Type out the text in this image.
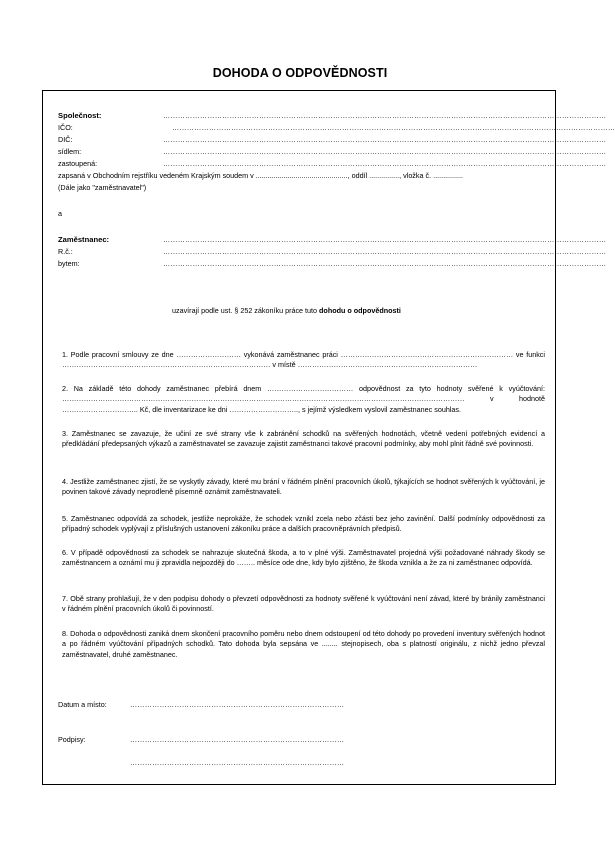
DOHODA O ODPOVĚDNOSTI
Společnost:	………………………………………………………………………………………………………………………………………………………………
IČO:	………………………………………………………………………………………………………………………………………………………………
DIČ:	………………………………………………………………………………………………………………………………………………………………
sídlem:	………………………………………………………………………………………………………………………………………………………………
zastoupená:	………………………………………………………………………………………………………………………………………………………………
zapsaná v Obchodním rejstříku vedeném Krajským soudem v .............................................., oddíl ..............., vložka č. ...............
(Dále jako "zaměstnavatel")
a
Zaměstnanec:	………………………………………………………………………………………………………………………………………………………………
R.č.:	………………………………………………………………………………………………………………………………………………………………
bytem:	………………………………………………………………………………………………………………………………………………………………
uzavírají podle ust. § 252 zákoníku práce tuto dohodu o odpovědnosti
1. Podle pracovní smlouvy ze dne ……………………… vykonává zaměstnanec práci ……………………………………………………………… ve funkci …………………………………………………………………………… v místě …………………………………………………………………
2. Na základě této dohody zaměstnanec přebírá dnem ……………………………… odpovědnost za tyto hodnoty svěřené k vyúčtování: …………………………………………………………………………………………………………………………………………………… v hodnotě ………………………….. Kč, dle inventarizace ke dni ……………………….., s jejímž výsledkem vyslovil zaměstnanec souhlas.
3. Zaměstnanec se zavazuje, že učiní ze své strany vše k zabránění schodků na svěřených hodnotách, včetně vedení potřebných evidencí a předkládání předepsaných výkazů a zaměstnavatel se zavazuje zajistit zaměstnanci takové pracovní podmínky, aby mohl plnit řádně své povinnosti.
4. Jestliže zaměstnanec zjistí, že se vyskytly závady, které mu brání v řádném plnění pracovních úkolů, týkajících se hodnot svěřených k vyúčtování, je povinen takové závady neprodleně písemně oznámit zaměstnavateli.
5. Zaměstnanec odpovídá za schodek, jestliže neprokáže, že schodek vznikl zcela nebo zčásti bez jeho zavinění. Další podmínky odpovědnosti za případný schodek vyplývají z příslušných ustanovení zákoníku práce a dalších pracovněprávních předpisů.
6. V případě odpovědnosti za schodek se nahrazuje skutečná škoda, a to v plné výši. Zaměstnavatel projedná výši požadované náhrady škody se zaměstnancem a oznámí mu ji zpravidla nejpozději do …….. měsíce ode dne, kdy bylo zjištěno, že škoda vznikla a že za ni zaměstnanec odpovídá.
7. Obě strany prohlašují, že v den podpisu dohody o převzetí odpovědnosti za hodnoty svěřené k vyúčtování není závad, které by bránily zaměstnanci v řádném plnění pracovních úkolů či povinností.
8. Dohoda o odpovědnosti zaniká dnem skončení pracovního poměru nebo dnem odstoupení od této dohody po provedení inventury svěřených hodnot a po řádném vyúčtování případných schodků. Tato dohoda byla sepsána ve ........ stejnopisech, oba s platností originálu, z nichž jedno převzal zaměstnavatel, druhé zaměstnanec.
Datum a místo:	……………………………………………………………………………
Podpisy:	……………………………………………………………………………
……………………………………………………………………………
